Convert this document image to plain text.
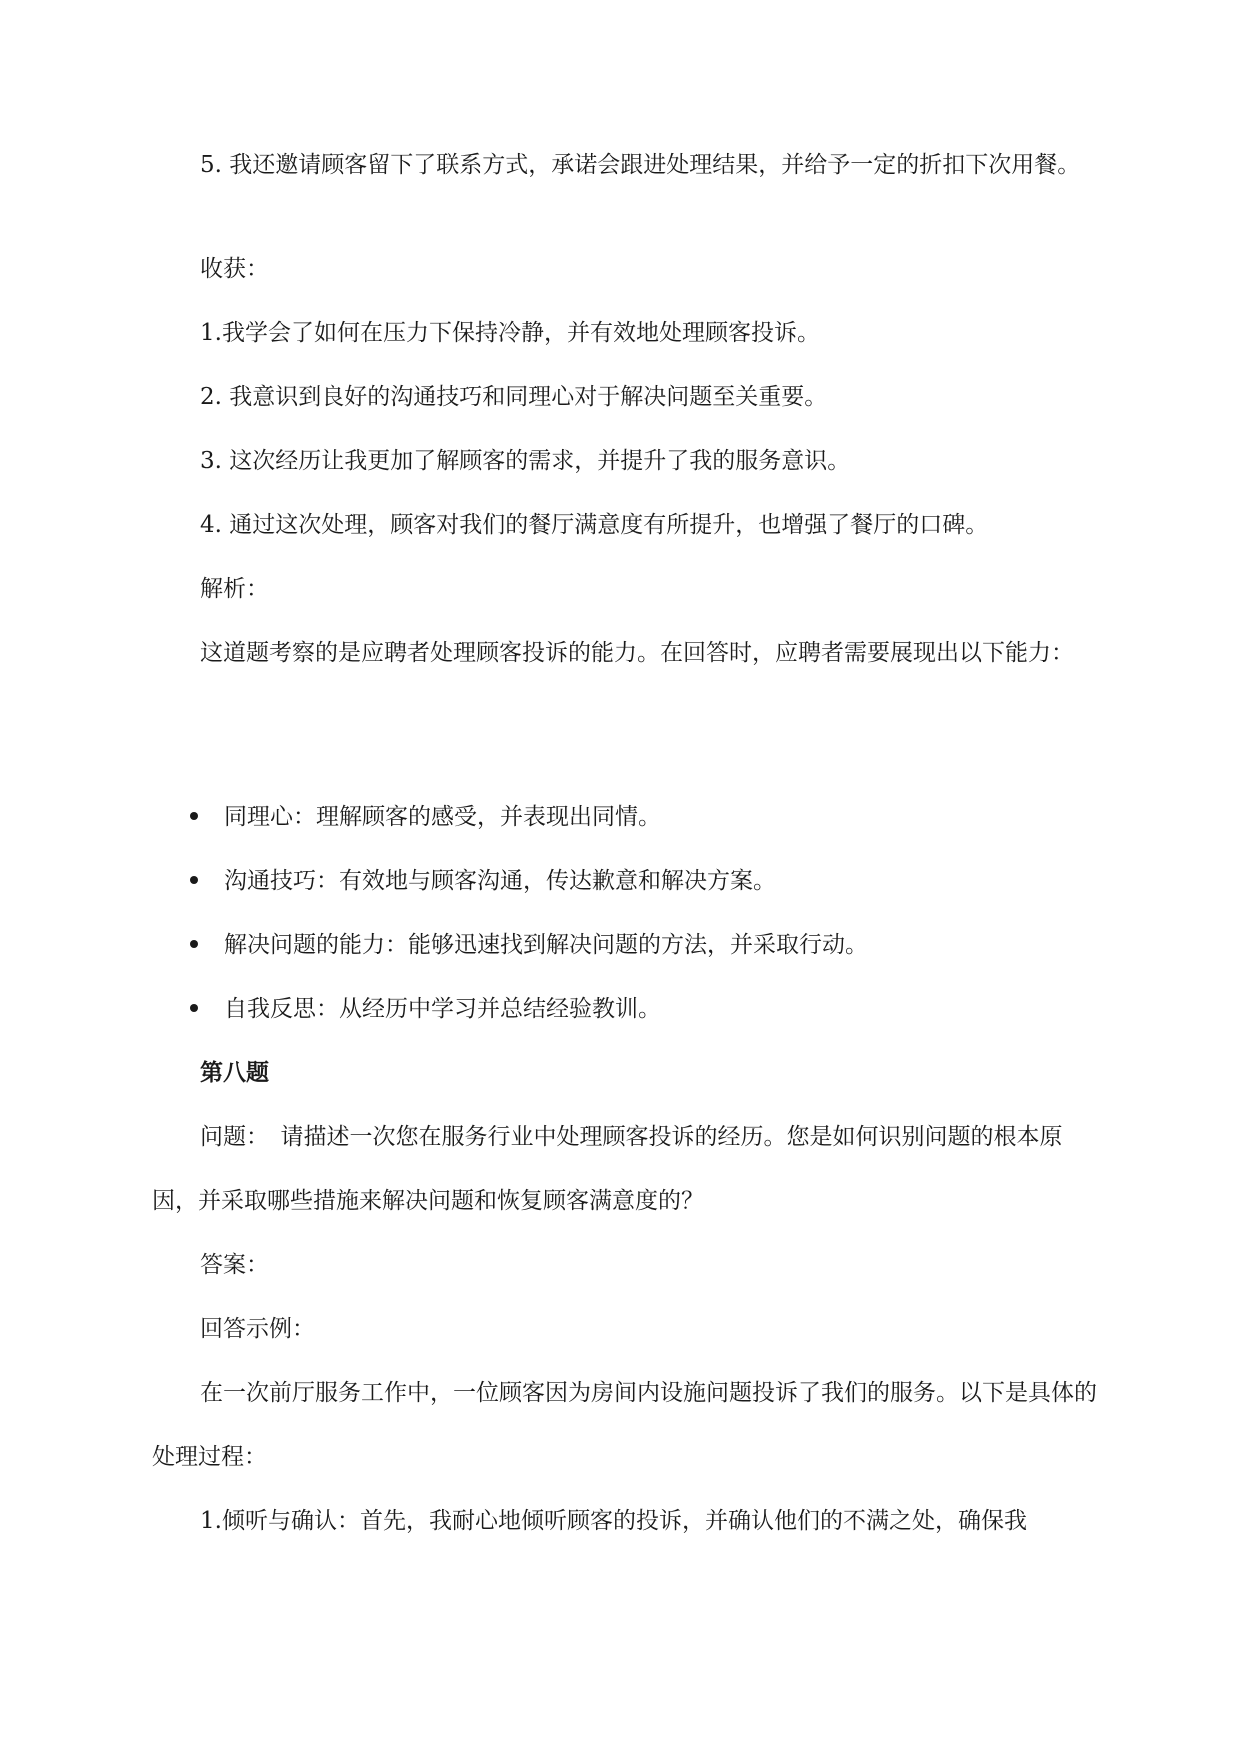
5. 我还邀请顾客留下了联系方式，承诺会跟进处理结果，并给予一定的折扣下次用餐。

收获：

1.我学会了如何在压力下保持冷静，并有效地处理顾客投诉。

2. 我意识到良好的沟通技巧和同理心对于解决问题至关重要。

3. 这次经历让我更加了解顾客的需求，并提升了我的服务意识。

4. 通过这次处理，顾客对我们的餐厅满意度有所提升，也增强了餐厅的口碑。

解析：

这道题考察的是应聘者处理顾客投诉的能力。在回答时，应聘者需要展现出以下能力：

同理心：理解顾客的感受，并表现出同情。
沟通技巧：有效地与顾客沟通，传达歉意和解决方案。
解决问题的能力：能够迅速找到解决问题的方法，并采取行动。
自我反思：从经历中学习并总结经验教训。

第八题

问题：　请描述一次您在服务行业中处理顾客投诉的经历。您是如何识别问题的根本原因，并采取哪些措施来解决问题和恢复顾客满意度的？

答案：

回答示例：

在一次前厅服务工作中，一位顾客因为房间内设施问题投诉了我们的服务。以下是具体的处理过程：

1.倾听与确认：首先，我耐心地倾听顾客的投诉，并确认他们的不满之处，确保我
